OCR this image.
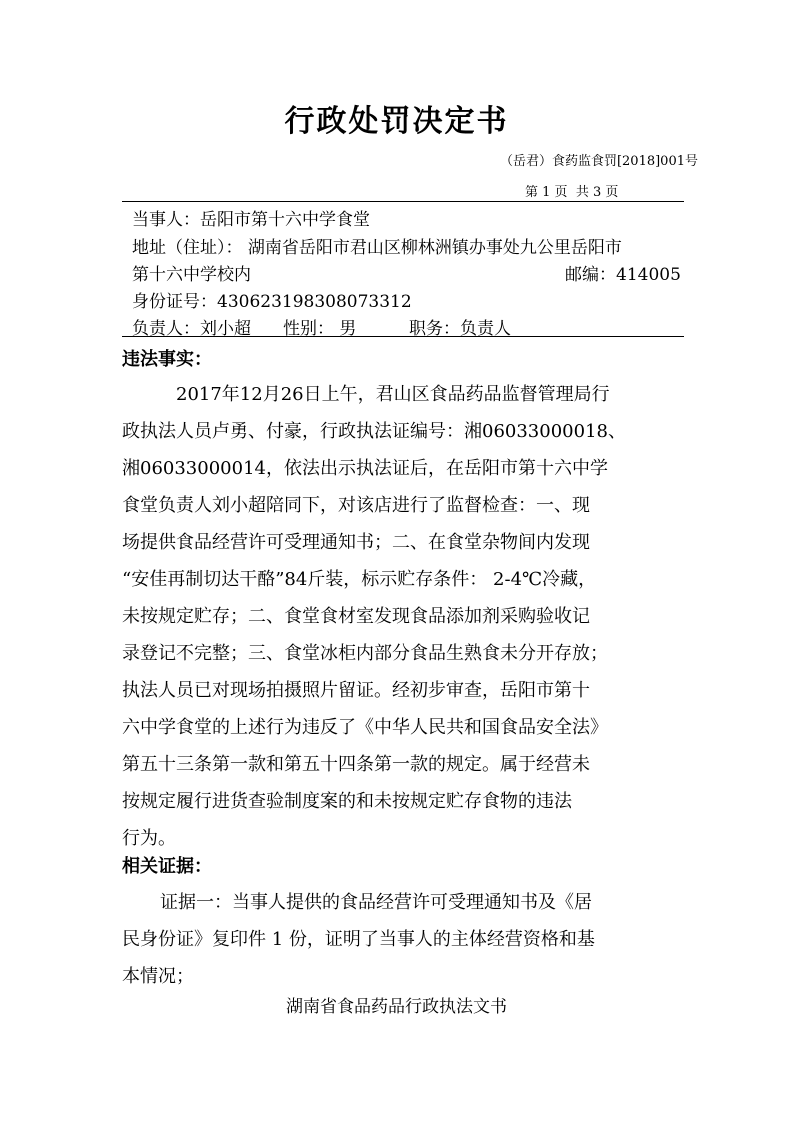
行政处罚决定书
（岳君）食药监食罚[2018]001号
第 1 页 共 3 页
当事人：岳阳市第十六中学食堂
地址（住址）： 湖南省岳阳市君山区柳林洲镇办事处九公里岳阳市
第十六中学校内	邮编：414005
身份证号：430623198308073312
负责人：刘小超 性别： 男	职务：负责人
违法事实：
2017年12月26日上午，君山区食品药品监督管理局行
政执法人员卢勇、付豪，行政执法证编号：湘06033000018、
湘06033000014，依法出示执法证后，在岳阳市第十六中学
食堂负责人刘小超陪同下，对该店进行了监督检查：一、现
场提供食品经营许可受理通知书；二、在食堂杂物间内发现
“安佳再制切达干酪”84斤装，标示贮存条件： 2-4℃冷藏，
未按规定贮存；二、食堂食材室发现食品添加剂采购验收记
录登记不完整；三、食堂冰柜内部分食品生熟食未分开存放；
执法人员已对现场拍摄照片留证。经初步审查，岳阳市第十
六中学食堂的上述行为违反了《中华人民共和国食品安全法》
第五十三条第一款和第五十四条第一款的规定。属于经营未
按规定履行进货查验制度案的和未按规定贮存食物的违法
行为。
相关证据：
证据一：当事人提供的食品经营许可受理通知书及《居
民身份证》复印件 1 份，证明了当事人的主体经营资格和基
本情况；
湖南省食品药品行政执法文书
